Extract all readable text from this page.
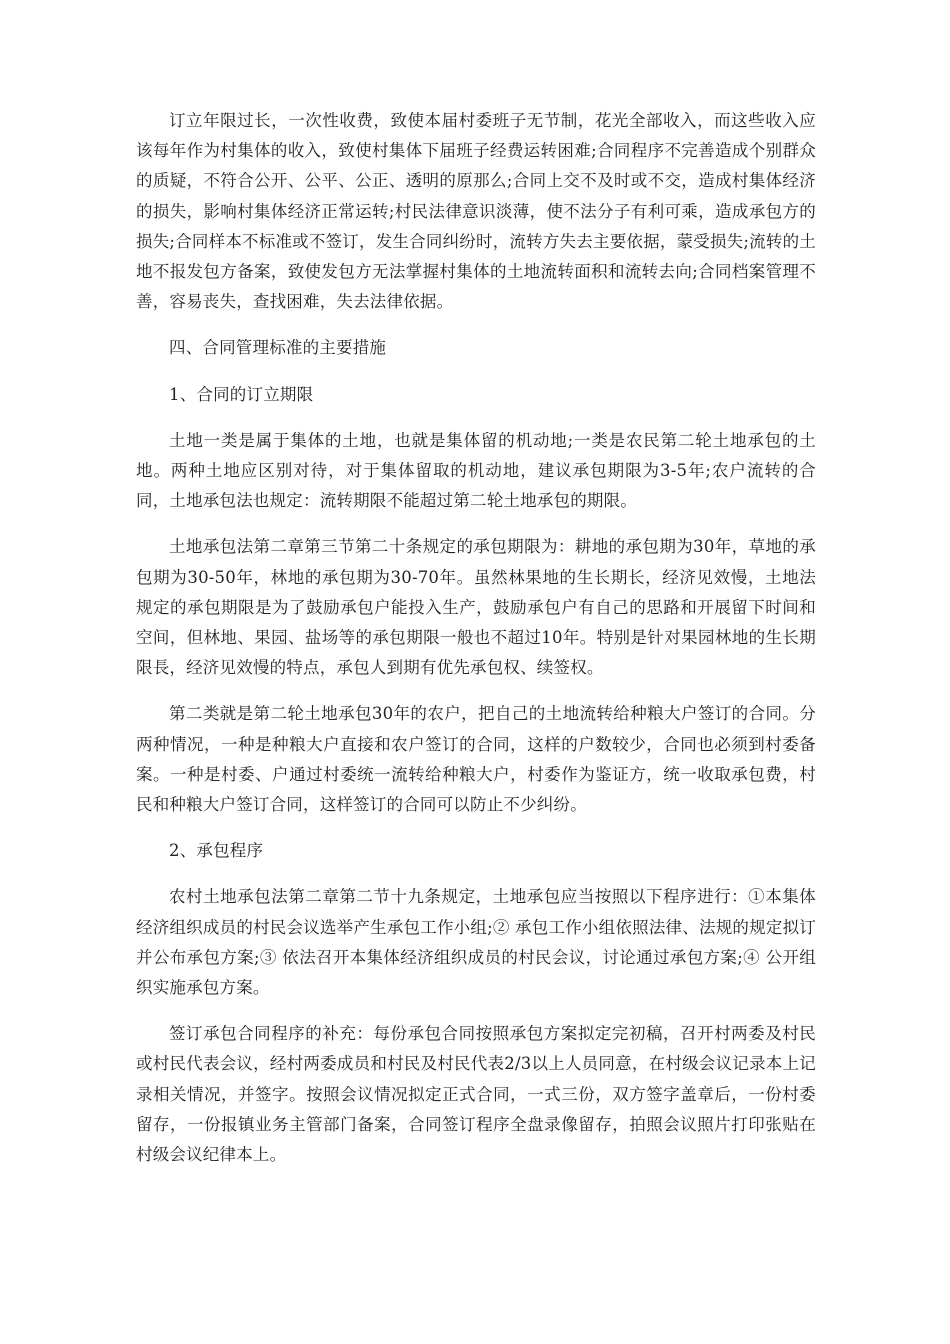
订立年限过长，一次性收费，致使本届村委班子无节制，花光全部收入，而这些收入应该每年作为村集体的收入，致使村集体下届班子经费运转困难;合同程序不完善造成个别群众的质疑，不符合公开、公平、公正、透明的原那么;合同上交不及时或不交，造成村集体经济的损失，影响村集体经济正常运转;村民法律意识淡薄，使不法分子有利可乘，造成承包方的损失;合同样本不标准或不签订，发生合同纠纷时，流转方失去主要依据，蒙受损失;流转的土地不报发包方备案，致使发包方无法掌握村集体的土地流转面积和流转去向;合同档案管理不善，容易丧失，查找困难，失去法律依据。

四、合同管理标准的主要措施

1、合同的订立期限

土地一类是属于集体的土地，也就是集体留的机动地;一类是农民第二轮土地承包的土地。两种土地应区别对待，对于集体留取的机动地，建议承包期限为3-5年;农户流转的合同，土地承包法也规定：流转期限不能超过第二轮土地承包的期限。

土地承包法第二章第三节第二十条规定的承包期限为：耕地的承包期为30年，草地的承包期为30-50年，林地的承包期为30-70年。虽然林果地的生长期长，经济见效慢，土地法规定的承包期限是为了鼓励承包户能投入生产，鼓励承包户有自己的思路和开展留下时间和空间，但林地、果园、盐场等的承包期限一般也不超过10年。特别是针对果园林地的生长期限長，经济见效慢的特点，承包人到期有优先承包权、续签权。

第二类就是第二轮土地承包30年的农户，把自己的土地流转给种粮大户签订的合同。分两种情况，一种是种粮大户直接和农户签订的合同，这样的户数较少，合同也必须到村委备案。一种是村委、户通过村委统一流转给种粮大户，村委作为鉴证方，统一收取承包费，村民和种粮大户签订合同，这样签订的合同可以防止不少纠纷。

2、承包程序

农村土地承包法第二章第二节十九条规定，土地承包应当按照以下程序进行：①本集体经济组织成员的村民会议选举产生承包工作小组;② 承包工作小组依照法律、法规的规定拟订并公布承包方案;③ 依法召开本集体经济组织成员的村民会议，讨论通过承包方案;④ 公开组织实施承包方案。

签订承包合同程序的补充：每份承包合同按照承包方案拟定完初稿，召开村两委及村民或村民代表会议，经村两委成员和村民及村民代表2/3以上人员同意，在村级会议记录本上记录相关情况，并签字。按照会议情况拟定正式合同，一式三份，双方签字盖章后，一份村委留存，一份报镇业务主管部门备案，合同签订程序全盘录像留存，拍照会议照片打印张贴在村级会议纪律本上。
